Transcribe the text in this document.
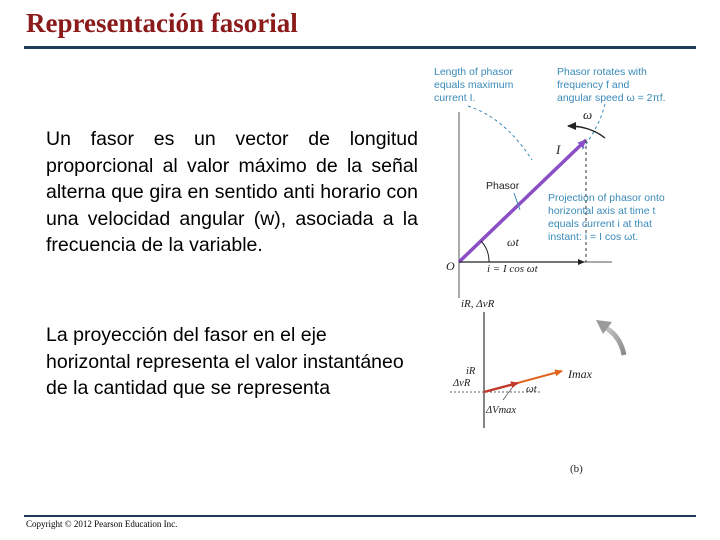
Representación fasorial
Un fasor es un vector de longitud proporcional al valor máximo de la señal alterna que gira en sentido anti horario con una velocidad angular (w), asociada a la frecuencia de la variable.
La proyección del fasor en el eje horizontal representa el valor instantáneo de la cantidad que se representa
Length of phasor
equals maximum
current I.
Phasor rotates with
frequency f and
angular speed ω = 2πf.
ω
I
Phasor
ωt
O	i = I cos ωt
Projection of phasor onto
horizontal axis at time t
equals current i at that
instant: i = I cos ωt.
iR, ΔvR
Imax
ωt
iR
ΔvR
ΔVmax
(b)
Copyright © 2012 Pearson Education Inc.
